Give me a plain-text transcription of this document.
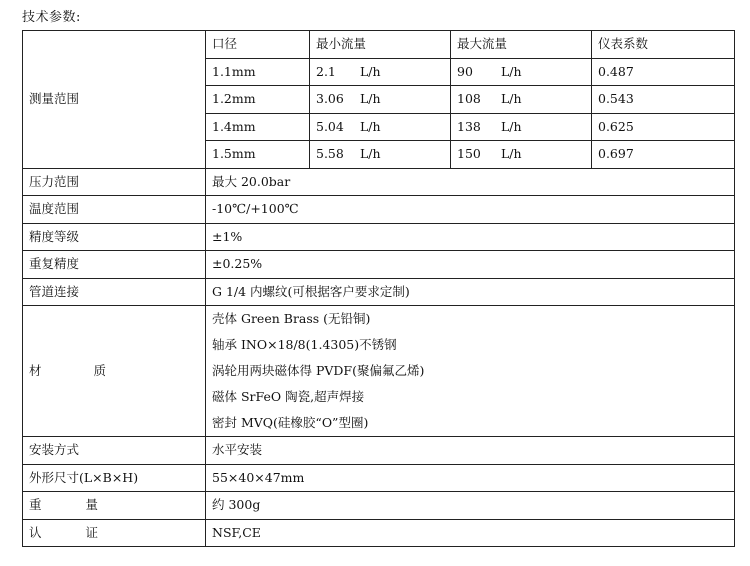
技术参数:
测量范围	口径	最小流量	最大流量	仪表系数
	1.1mm	2.1 L/h	90 L/h	0.487
	1.2mm	3.06 L/h	108 L/h	0.543
	1.4mm	5.04 L/h	138 L/h	0.625
	1.5mm	5.58 L/h	150 L/h	0.697
压力范围	最大 20.0bar			
温度范围	-10℃/+100℃			
精度等级	±1%			
重复精度	±0.25%			
管道连接	G 1/4 内螺纹(可根据客户要求定制)			
材 质	壳体 Green Brass (无铅铜)
轴承 INO×18/8(1.4305)不锈钢
涡轮用两块磁体得 PVDF(聚偏氟乙烯)
磁体 SrFeO 陶瓷,超声焊接
密封 MVQ(硅橡胶“O”型圈)			

安装方式	水平安装			
外形尺寸(L×B×H)	55×40×47mm			
重 量	约 300g			
认 证	NSF,CE			
